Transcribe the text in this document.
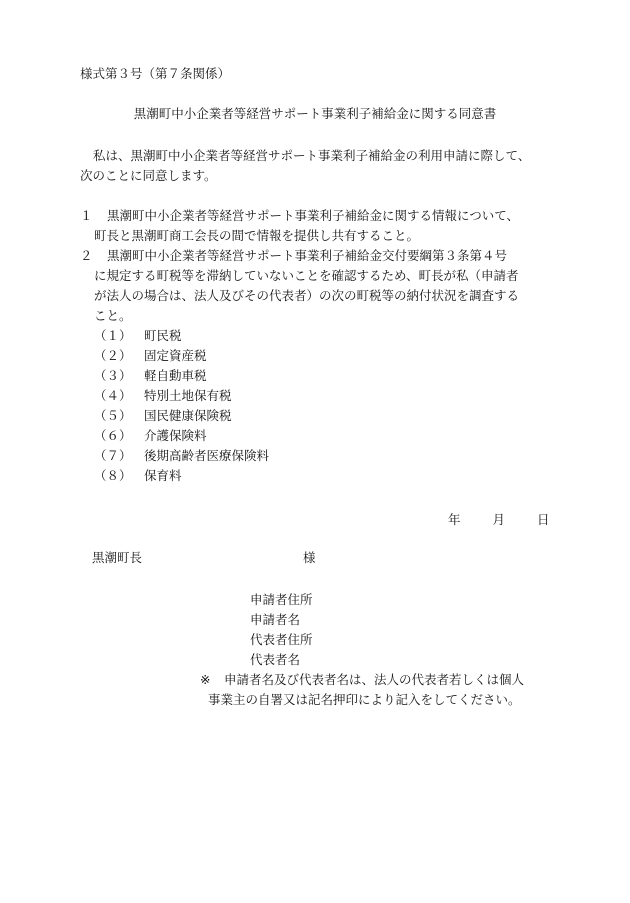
様式第３号（第７条関係）
黒潮町中小企業者等経営サポート事業利子補給金に関する同意書
私は、黒潮町中小企業者等経営サポート事業利子補給金の利用申請に際して、
次のことに同意します。
１	黒潮町中小企業者等経営サポート事業利子補給金に関する情報について、
町長と黒潮町商工会長の間で情報を提供し共有すること。
２	黒潮町中小企業者等経営サポート事業利子補給金交付要綱第３条第４号
に規定する町税等を滞納していないことを確認するため、町長が私（申請者
が法人の場合は、法人及びその代表者）の次の町税等の納付状況を調査する
こと。
（１） 町民税
（２） 固定資産税
（３） 軽自動車税
（４） 特別土地保有税
（５） 国民健康保険税
（６） 介護保険料
（７） 後期高齢者医療保険料
（８） 保育料
年	月	日
黒潮町長	様
申請者住所
申請者名
代表者住所
代表者名
※ 申請者名及び代表者名は、法人の代表者若しくは個人
事業主の自署又は記名押印により記入をしてください。
